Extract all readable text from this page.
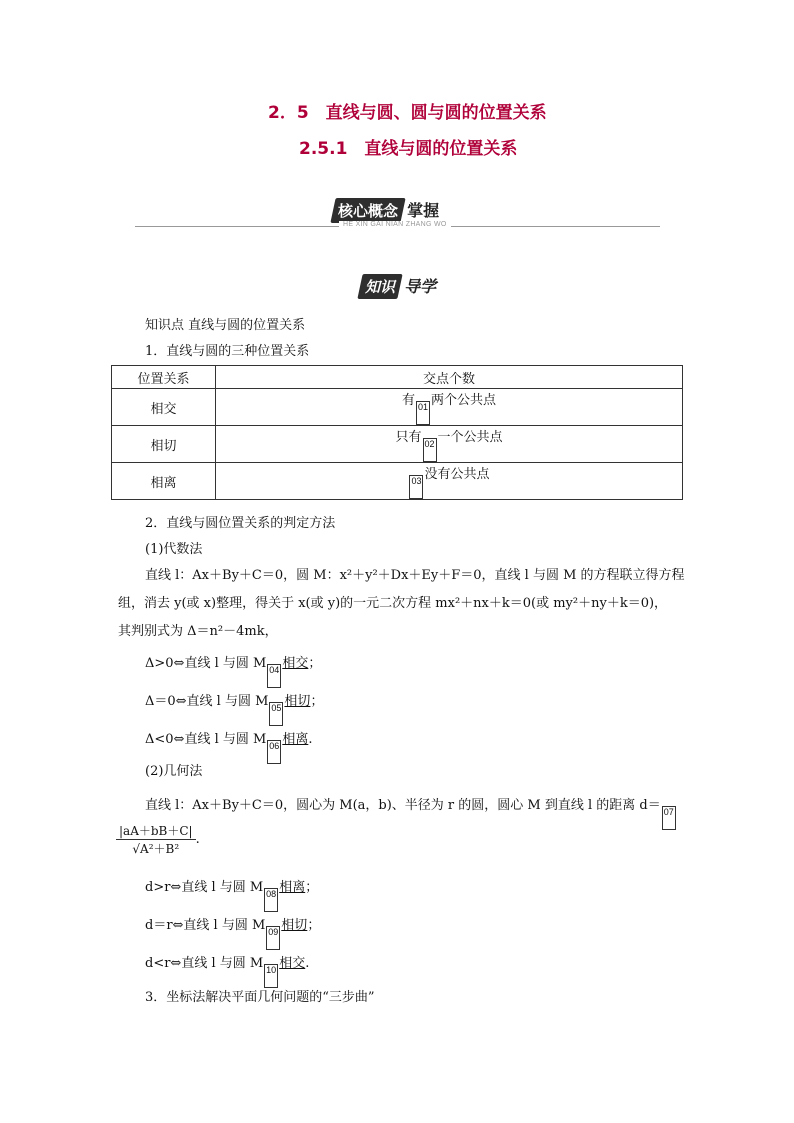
2．5　直线与圆、圆与圆的位置关系
2.5.1　直线与圆的位置关系
核心概念 掌握
HE XIN GAI NIAN ZHANG WO
知识 导学
知识点 直线与圆的位置关系
1．直线与圆的三种位置关系
位置关系	交点个数
相交	有 01 两个公共点
相切	只有 02 一个公共点
相离	03 没有公共点
2．直线与圆位置关系的判定方法
(1)代数法
直线 l：Ax＋By＋C＝0，圆 M：x²＋y²＋Dx＋Ey＋F＝0，直线 l 与圆 M 的方程联立得方程
组，消去 y(或 x)整理，得关于 x(或 y)的一元二次方程 mx²＋nx＋k＝0(或 my²＋ny＋k＝0)，
其判别式为 Δ＝n²－4mk，
Δ>0⇔直线 l 与圆 M 04 相交；
Δ＝0⇔直线 l 与圆 M 05 相切；
Δ<0⇔直线 l 与圆 M 06 相离.
(2)几何法
直线 l：Ax＋By＋C＝0，圆心为 M(a，b)、半径为 r 的圆，圆心 M 到直线 l 的距离 d＝ 07
$\frac{|aA+bB+C|}{\text{√A²＋B²}}$ .
d>r⇔直线 l 与圆 M 08 相离；
d＝r⇔直线 l 与圆 M 09 相切；
d<r⇔直线 l 与圆 M 10 相交.
3．坐标法解决平面几何问题的“三步曲”
